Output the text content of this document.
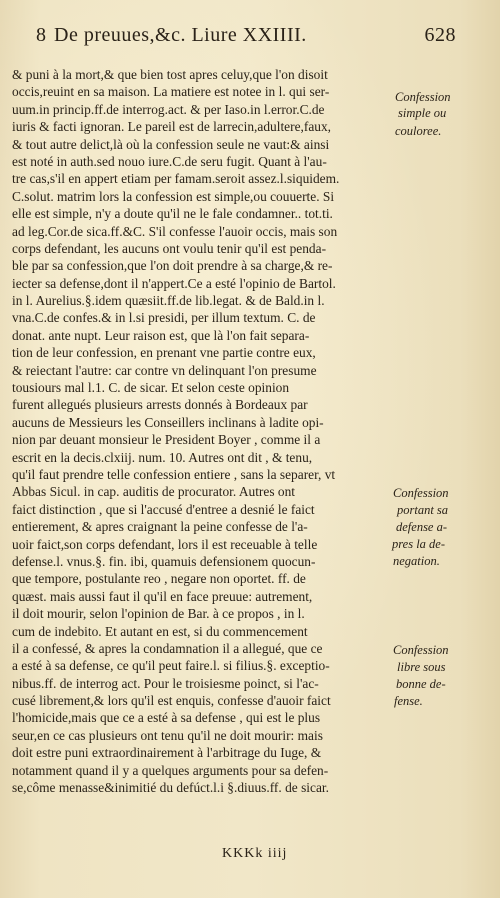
8 De preuues,&c. Liure XXIIII.	628
& puni à la mort,& que bien tost apres celuy,que l'on disoit
occis,reuint en sa maison. La matiere est notee in l. qui ser-
uum.in princip.ff.de interrog.act. & per Iaso.in l.error.C.de
iuris & facti ignoran. Le pareil est de larrecin,adultere,faux,
& tout autre delict,là où la confession seule ne vaut:& ainsi
est noté in auth.sed nouo iure.C.de seru fugit. Quant à l'au-
tre cas,s'il en appert etiam per famam.seroit assez.l.siquidem.
C.solut. matrim lors la confession est simple,ou couuerte. Si
elle est simple, n'y a doute qu'il ne le fale condamner.. tot.ti.
ad leg.Cor.de sica.ff.&C. S'il confesse l'auoir occis, mais son
corps defendant, les aucuns ont voulu tenir qu'il est penda-
ble par sa confession,que l'on doit prendre à sa charge,& re-
iecter sa defense,dont il n'appert.Ce a esté l'opinio de Bartol.
in l. Aurelius.§.idem quæsiit.ff.de lib.legat. & de Bald.in l.
vna.C.de confes.& in l.si presidi, per illum textum. C. de
donat. ante nupt. Leur raison est, que là l'on fait separa-
tion de leur confession, en prenant vne partie contre eux,
& reiectant l'autre: car contre vn delinquant l'on presume
tousiours mal l.1. C. de sicar. Et selon ceste opinion
furent allegués plusieurs arrests donnés à Bordeaux par
aucuns de Messieurs les Conseillers inclinans à ladite opi-
nion par deuant monsieur le President Boyer , comme il a
escrit en la decis.clxiij. num. 10. Autres ont dit , & tenu,
qu'il faut prendre telle confession entiere , sans la separer, vt
Abbas Sicul. in cap. auditis de procurator. Autres ont
faict distinction , que si l'accusé d'entree a desnié le faict
entierement, & apres craignant la peine confesse de l'a-
uoir faict,son corps defendant, lors il est receuable à telle
defense.l. vnus.§. fin. ibi, quamuis defensionem quocun-
que tempore, postulante reo , negare non oportet. ff. de
quæst. mais aussi faut il qu'il en face preuue: autrement,
il doit mourir, selon l'opinion de Bar. à ce propos , in l.
cum de indebito. Et autant en est, si du commencement
il a confessé, & apres la condamnation il a allegué, que ce
a esté à sa defense, ce qu'il peut faire.l. si filius.§. exceptio-
nibus.ff. de interrog act. Pour le troisiesme poinct, si l'ac-
cusé librement,& lors qu'il est enquis, confesse d'auoir faict
l'homicide,mais que ce a esté à sa defense , qui est le plus
seur,en ce cas plusieurs ont tenu qu'il ne doit mourir: mais
doit estre puni extraordinairement à l'arbitrage du Iuge, &
notamment quand il y a quelques arguments pour sa defen-
se,côme menasse&inimitié du defúct.l.i §.diuus.ff. de sicar.
Confession
simple ou
couloree.
Confession
portant sa
defense a-
pres la de-
negation.
Confession
libre sous
bonne de-
fense.
KKKk iiij
